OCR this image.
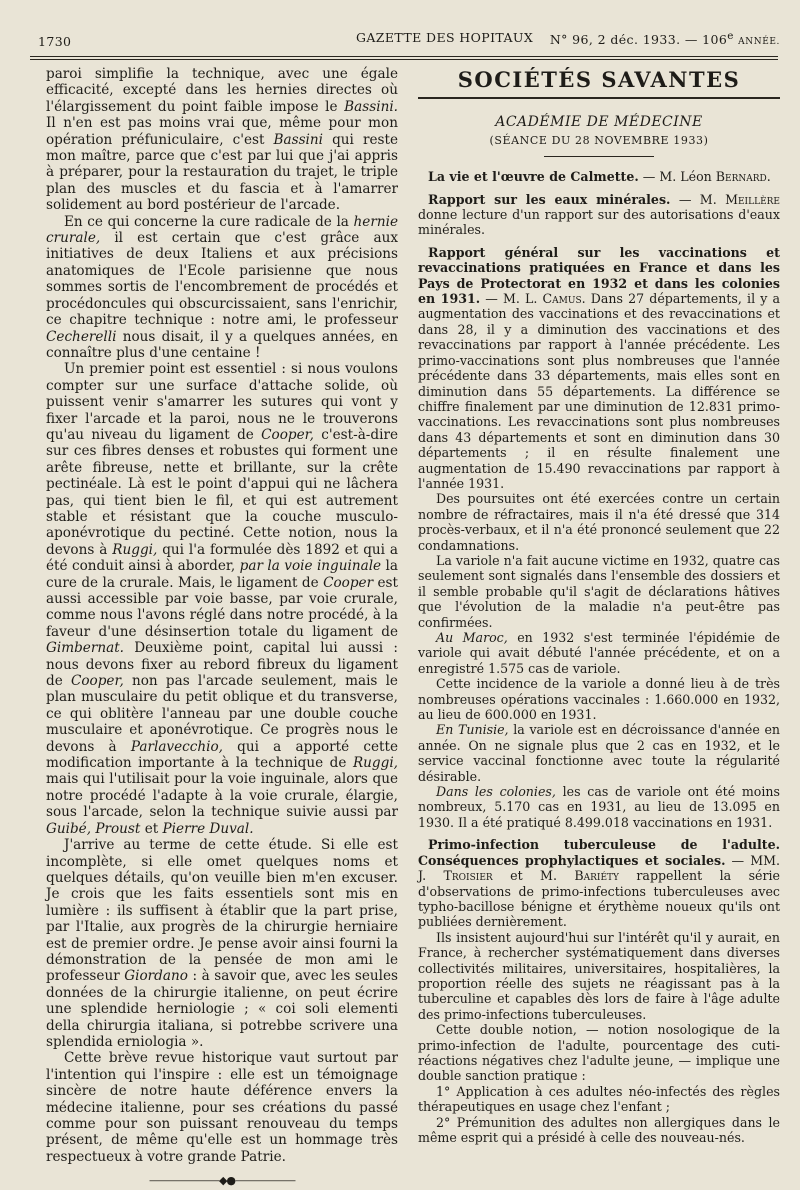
1730	GAZETTE DES HOPITAUX N° 96, 2 déc. 1933. — 106e ANNÉE.

paroi simplifie la technique, avec une égale efficacité, excepté dans les hernies directes où l'élargissement du point faible impose le Bassini. Il n'en est pas moins vrai que, même pour mon opération préfuniculaire, c'est Bassini qui reste mon maître, parce que c'est par lui que j'ai appris à préparer, pour la restauration du trajet, le triple plan des muscles et du fascia et à l'amarrer solidement au bord postérieur de l'arcade.

En ce qui concerne la cure radicale de la hernie crurale, il est certain que c'est grâce aux initiatives de deux Italiens et aux précisions anatomiques de l'Ecole parisienne que nous sommes sortis de l'encombrement de procédés et procédoncules qui obscurcissaient, sans l'enrichir, ce chapitre technique : notre ami, le professeur Cecherelli nous disait, il y a quelques années, en connaître plus d'une centaine !

Un premier point est essentiel : si nous voulons compter sur une surface d'attache solide, où puissent venir s'amarrer les sutures qui vont y fixer l'arcade et la paroi, nous ne le trouverons qu'au niveau du ligament de Cooper, c'est-à-dire sur ces fibres denses et robustes qui forment une arête fibreuse, nette et brillante, sur la crête pectinéale. Là est le point d'appui qui ne lâchera pas, qui tient bien le fil, et qui est autrement stable et résistant que la couche musculo-aponévrotique du pectiné. Cette notion, nous la devons à Ruggi, qui l'a formulée dès 1892 et qui a été conduit ainsi à aborder, par la voie inguinale la cure de la crurale. Mais, le ligament de Cooper est aussi accessible par voie basse, par voie crurale, comme nous l'avons réglé dans notre procédé, à la faveur d'une désinsertion totale du ligament de Gimbernat. Deuxième point, capital lui aussi : nous devons fixer au rebord fibreux du ligament de Cooper, non pas l'arcade seulement, mais le plan musculaire du petit oblique et du transverse, ce qui oblitère l'anneau par une double couche musculaire et aponévrotique. Ce progrès nous le devons à Parlavecchio, qui a apporté cette modification importante à la technique de Ruggi, mais qui l'utilisait pour la voie inguinale, alors que notre procédé l'adapte à la voie crurale, élargie, sous l'arcade, selon la technique suivie aussi par Guibé, Proust et Pierre Duval.

J'arrive au terme de cette étude. Si elle est incomplète, si elle omet quelques noms et quelques détails, qu'on veuille bien m'en excuser. Je crois que les faits essentiels sont mis en lumière : ils suffisent à établir que la part prise, par l'Italie, aux progrès de la chirurgie herniaire est de premier ordre. Je pense avoir ainsi fourni la démonstration de la pensée de mon ami le professeur Giordano : à savoir que, avec les seules données de la chirurgie italienne, on peut écrire une splendide herniologie ; « coi soli elementi della chirurgia italiana, si potrebbe scrivere una splendida erniologia ».

Cette brève revue historique vaut surtout par l'intention qui l'inspire : elle est un témoignage sincère de notre haute déférence envers la médecine italienne, pour ses créations du passé comme pour son puissant renouveau du temps présent, de même qu'elle est un hommage très respectueux à votre grande Patrie.

———————◆●——————
SOCIÉTÉS SAVANTES
ACADÉMIE DE MÉDECINE
(SÉANCE DU 28 NOVEMBRE 1933)

La vie et l'œuvre de Calmette. — M. Léon Bernard.

Rapport sur les eaux minérales. — M. Meillère donne lecture d'un rapport sur des autorisations d'eaux minérales.

Rapport général sur les vaccinations et revaccinations pratiquées en France et dans les Pays de Protectorat en 1932 et dans les colonies en 1931. — M. L. Camus. Dans 27 départements, il y a augmentation des vaccinations et des revaccinations et dans 28, il y a diminution des vaccinations et des revaccinations par rapport à l'année précédente. Les primo-vaccinations sont plus nombreuses que l'année précédente dans 33 départements, mais elles sont en diminution dans 55 départements. La différence se chiffre finalement par une diminution de 12.831 primo-vaccinations. Les revaccinations sont plus nombreuses dans 43 départements et sont en diminution dans 30 départements ; il en résulte finalement une augmentation de 15.490 revaccinations par rapport à l'année 1931.

Des poursuites ont été exercées contre un certain nombre de réfractaires, mais il n'a été dressé que 314 procès-verbaux, et il n'a été prononcé seulement que 22 condamnations.

La variole n'a fait aucune victime en 1932, quatre cas seulement sont signalés dans l'ensemble des dossiers et il semble probable qu'il s'agit de déclarations hâtives que l'évolution de la maladie n'a peut-être pas confirmées.

Au Maroc, en 1932 s'est terminée l'épidémie de variole qui avait débuté l'année précédente, et on a enregistré 1.575 cas de variole.

Cette incidence de la variole a donné lieu à de très nombreuses opérations vaccinales : 1.660.000 en 1932, au lieu de 600.000 en 1931.

En Tunisie, la variole est en décroissance d'année en année. On ne signale plus que 2 cas en 1932, et le service vaccinal fonctionne avec toute la régularité désirable.

Dans les colonies, les cas de variole ont été moins nombreux, 5.170 cas en 1931, au lieu de 13.095 en 1930. Il a été pratiqué 8.499.018 vaccinations en 1931.

Primo-infection tuberculeuse de l'adulte. Conséquences prophylactiques et sociales. — MM. J. Troisier et M. Bariéty rappellent la série d'observations de primo-infections tuberculeuses avec typho-bacillose bénigne et érythème noueux qu'ils ont publiées dernièrement.

Ils insistent aujourd'hui sur l'intérêt qu'il y aurait, en France, à rechercher systématiquement dans diverses collectivités militaires, universitaires, hospitalières, la proportion réelle des sujets ne réagissant pas à la tuberculine et capables dès lors de faire à l'âge adulte des primo-infections tuberculeuses.

Cette double notion, — notion nosologique de la primo-infection de l'adulte, pourcentage des cuti-réactions négatives chez l'adulte jeune, — implique une double sanction pratique :

1° Application à ces adultes néo-infectés des règles thérapeutiques en usage chez l'enfant ;

2° Prémunition des adultes non allergiques dans le même esprit qui a présidé à celle des nouveau-nés.
